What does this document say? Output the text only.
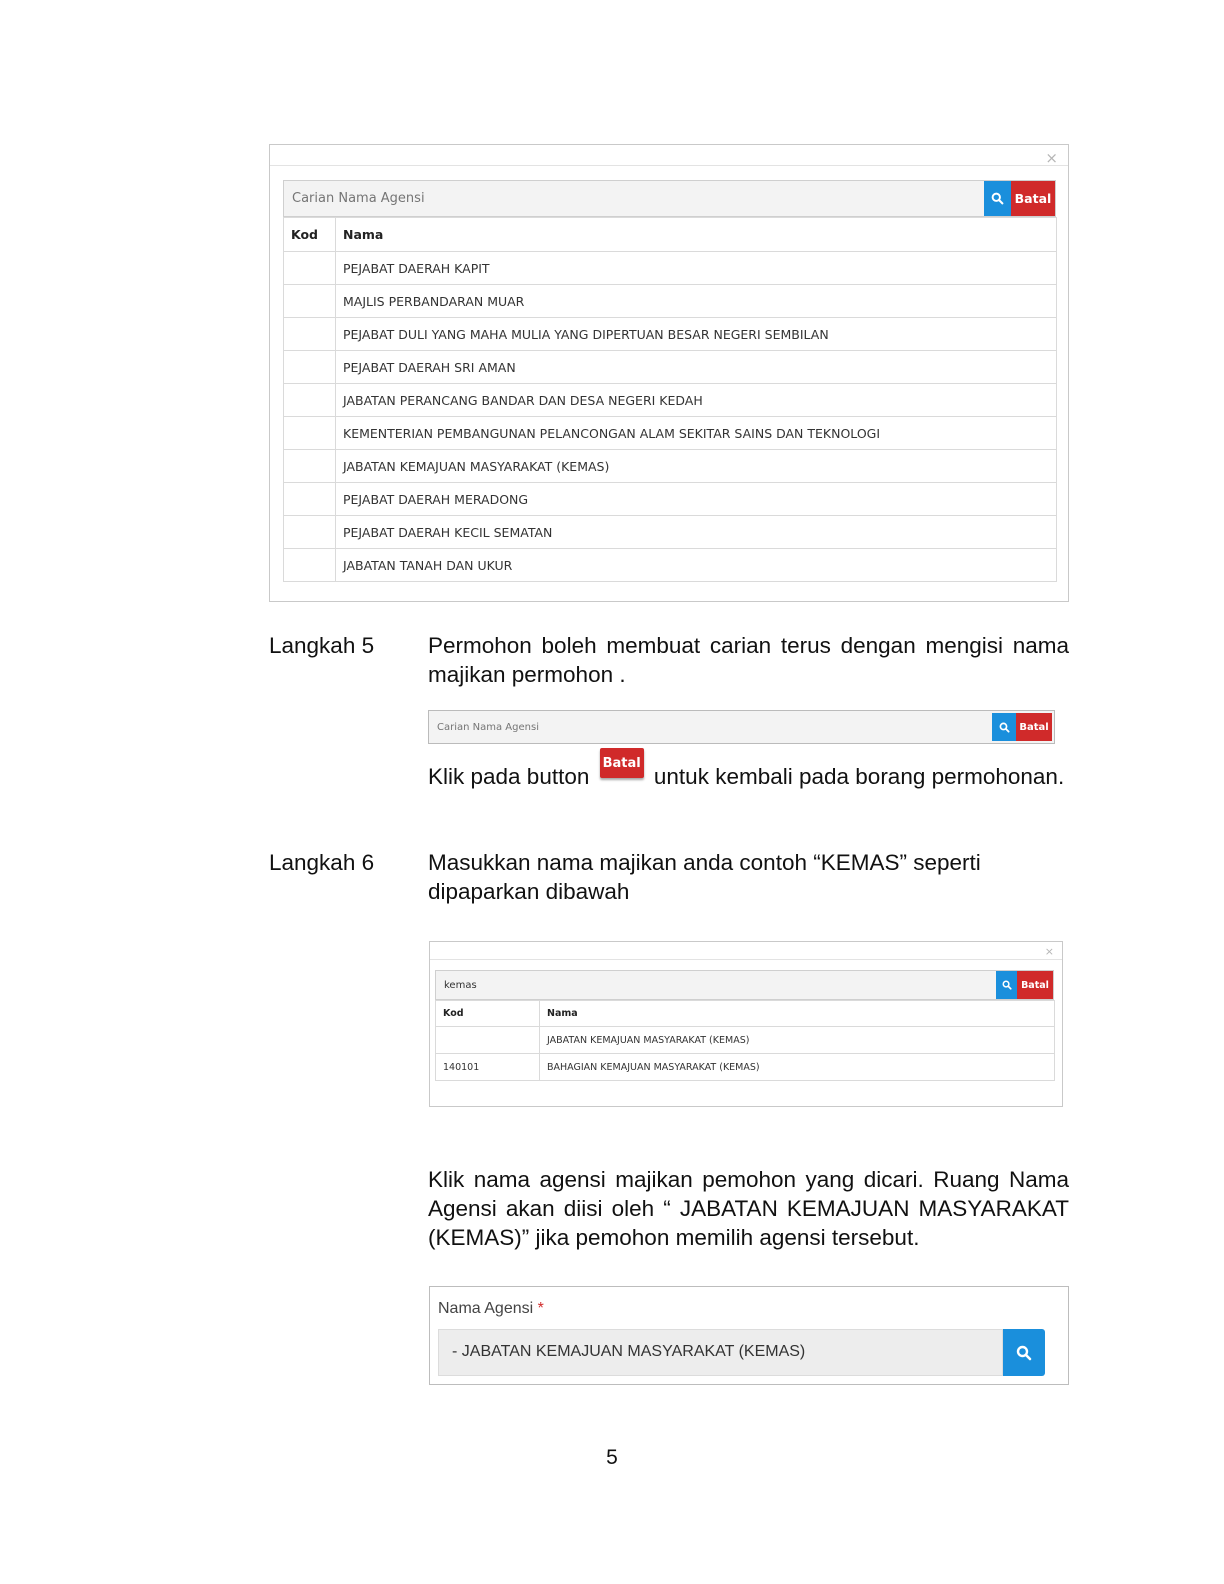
×
Carian Nama Agensi
Batal
Kod	Nama
	PEJABAT DAERAH KAPIT
	MAJLIS PERBANDARAN MUAR
	PEJABAT DULI YANG MAHA MULIA YANG DIPERTUAN BESAR NEGERI SEMBILAN
	PEJABAT DAERAH SRI AMAN
	JABATAN PERANCANG BANDAR DAN DESA NEGERI KEDAH
	KEMENTERIAN PEMBANGUNAN PELANCONGAN ALAM SEKITAR SAINS DAN TEKNOLOGI
	JABATAN KEMAJUAN MASYARAKAT (KEMAS)
	PEJABAT DAERAH MERADONG
	PEJABAT DAERAH KECIL SEMATAN
	JABATAN TANAH DAN UKUR
Langkah 5 Permohon boleh membuat carian terus dengan mengisi nama majikan permohon .
Carian Nama Agensi
Batal
Klik pada button Batal untuk kembali pada borang permohonan.
Langkah 6 Masukkan nama majikan anda contoh “KEMAS” seperti dipaparkan dibawah
×
kemas
Batal
Kod	Nama
	JABATAN KEMAJUAN MASYARAKAT (KEMAS)
140101	BAHAGIAN KEMAJUAN MASYARAKAT (KEMAS)
Klik nama agensi majikan pemohon yang dicari. Ruang Nama Agensi akan diisi oleh “ JABATAN KEMAJUAN MASYARAKAT (KEMAS)” jika pemohon memilih agensi tersebut.
Nama Agensi *
- JABATAN KEMAJUAN MASYARAKAT (KEMAS)
5
